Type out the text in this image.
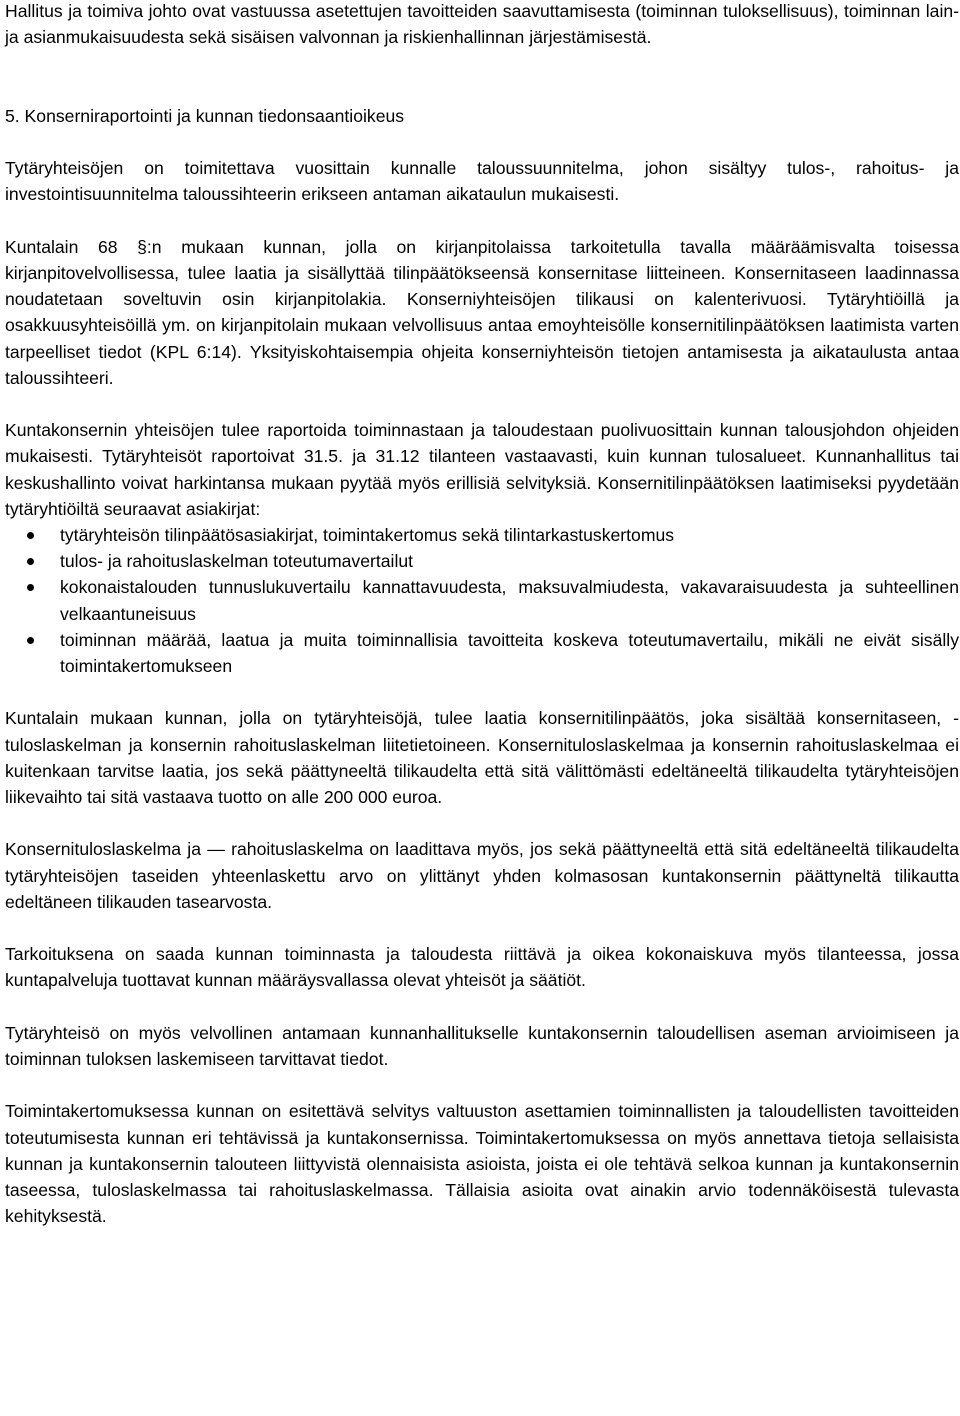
Hallitus ja toimiva johto ovat vastuussa asetettujen tavoitteiden saavuttamisesta (toiminnan tuloksellisuus), toiminnan lain- ja asianmukaisuudesta sekä sisäisen valvonnan ja riskienhallinnan järjestämisestä.

5. Konserniraportointi ja kunnan tiedonsaantioikeus

Tytäryhteisöjen on toimitettava vuosittain kunnalle taloussuunnitelma, johon sisältyy tulos-, rahoitus- ja investointisuunnitelma taloussihteerin erikseen antaman aikataulun mukaisesti.

Kuntalain 68 §:n mukaan kunnan, jolla on kirjanpitolaissa tarkoitetulla tavalla määräämisvalta toisessa kirjanpitovelvollisessa, tulee laatia ja sisällyttää tilinpäätökseensä konsernitase liitteineen. Konsernitaseen laadinnassa noudatetaan soveltuvin osin kirjanpitolakia. Konserniyhteisöjen tilikausi on kalenterivuosi. Tytäryhtiöillä ja osakkuusyhteisöillä ym. on kirjanpitolain mukaan velvollisuus antaa emoyhteisölle konsernitilinpäätöksen laatimista varten tarpeelliset tiedot (KPL 6:14). Yksityiskohtaisempia ohjeita konserniyhteisön tietojen antamisesta ja aikataulusta antaa taloussihteeri.

Kuntakonsernin yhteisöjen tulee raportoida toiminnastaan ja taloudestaan puolivuosittain kunnan talousjohdon ohjeiden mukaisesti. Tytäryhteisöt raportoivat 31.5. ja 31.12 tilanteen vastaavasti, kuin kunnan tulosalueet. Kunnanhallitus tai keskushallinto voivat harkintansa mukaan pyytää myös erillisiä selvityksiä. Konsernitilinpäätöksen laatimiseksi pyydetään tytäryhtiöiltä seuraavat asiakirjat:

tytäryhteisön tilinpäätösasiakirjat, toimintakertomus sekä tilintarkastuskertomus
tulos- ja rahoituslaskelman toteutumavertailut
kokonaistalouden tunnuslukuvertailu kannattavuudesta, maksuvalmiudesta, vakavaraisuudesta ja suhteellinen velkaantuneisuus
toiminnan määrää, laatua ja muita toiminnallisia tavoitteita koskeva toteutumavertailu, mikäli ne eivät sisälly toimintakertomukseen

Kuntalain mukaan kunnan, jolla on tytäryhteisöjä, tulee laatia konsernitilinpäätös, joka sisältää konsernitaseen, -tuloslaskelman ja konsernin rahoituslaskelman liitetietoineen. Konsernituloslaskelmaa ja konsernin rahoituslaskelmaa ei kuitenkaan tarvitse laatia, jos sekä päättyneeltä tilikaudelta että sitä välittömästi edeltäneeltä tilikaudelta tytäryhteisöjen liikevaihto tai sitä vastaava tuotto on alle 200 000 euroa.

Konsernituloslaskelma ja — rahoituslaskelma on laadittava myös, jos sekä päättyneeltä että sitä edeltäneeltä tilikaudelta tytäryhteisöjen taseiden yhteenlaskettu arvo on ylittänyt yhden kolmasosan kuntakonsernin päättyneltä tilikautta edeltäneen tilikauden tasearvosta.

Tarkoituksena on saada kunnan toiminnasta ja taloudesta riittävä ja oikea kokonaiskuva myös tilanteessa, jossa kuntapalveluja tuottavat kunnan määräysvallassa olevat yhteisöt ja säätiöt.

Tytäryhteisö on myös velvollinen antamaan kunnanhallitukselle kuntakonsernin taloudellisen aseman arvioimiseen ja toiminnan tuloksen laskemiseen tarvittavat tiedot.

Toimintakertomuksessa kunnan on esitettävä selvitys valtuuston asettamien toiminnallisten ja taloudellisten tavoitteiden toteutumisesta kunnan eri tehtävissä ja kuntakonsernissa. Toimintakertomuksessa on myös annettava tietoja sellaisista kunnan ja kuntakonsernin talouteen liittyvistä olennaisista asioista, joista ei ole tehtävä selkoa kunnan ja kuntakonsernin taseessa, tuloslaskelmassa tai rahoituslaskelmassa. Tällaisia asioita ovat ainakin arvio todennäköisestä tulevasta kehityksestä.
